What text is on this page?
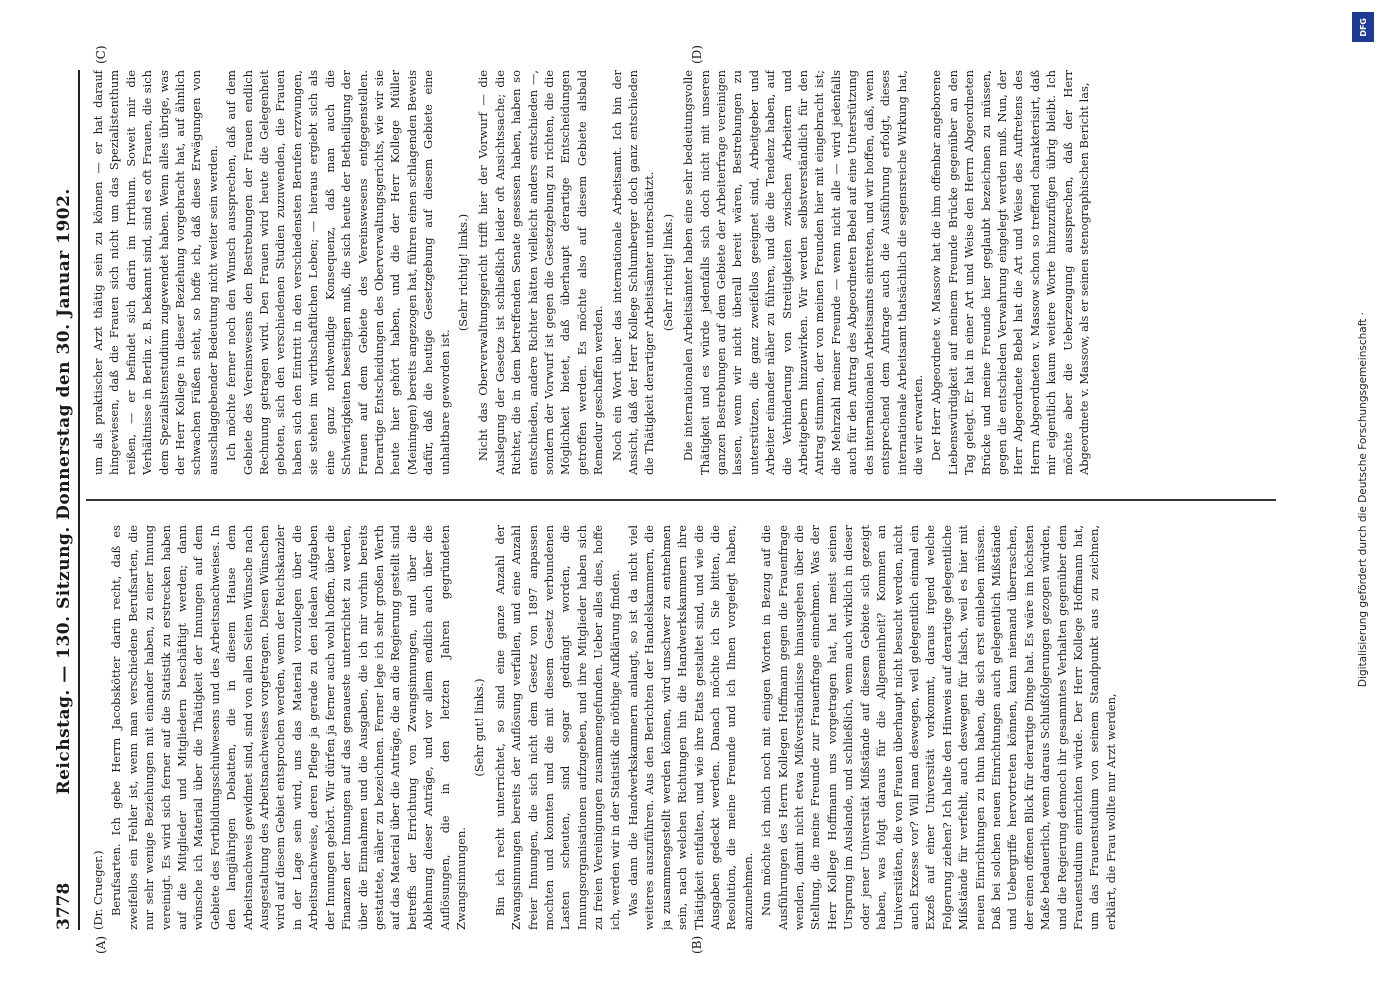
3778
Reichstag. — 130. Sitzung. Donnerstag den 30. Januar 1902.
(A)	(B)
(C)	(D)

(Dr. Crueger.) Berufsarten. Ich gebe Herrn Jacobskötter darin recht, daß es zweifellos ein Fehler ist, wenn man verschiedene Berufsarten, die nur sehr wenige Beziehungen mit einander haben, zu einer Innung vereinigt. Es wird sich ferner auf die Statistik zu erstrecken haben auf die Mitglieder und Mitgliedern beschäftigt werden; dann wünsche ich Material über die Thätigkeit der Innungen auf dem Gebiete des Fortbildungsschulwesens und des Arbeitsnachweises. In den langjährigen Debatten, die in diesem Hause dem Arbeitsnachweis gewidmet sind, sind von allen Seiten Wünsche nach Ausgestaltung des Arbeitsnachweises vorgetragen. Diesen Wünschen wird auf diesem Gebiet entsprochen werden, wenn der Reichskanzler in der Lage sein wird, uns das Material vorzulegen über die Arbeitsnachweise, deren Pflege ja gerade zu den idealen Aufgaben der Innungen gehört. Wir dürfen ja ferner auch wohl hoffen, über die Finanzen der Innungen auf das genaueste unterrichtet zu werden, über die Einnahmen und die Ausgaben, die ich mir vorhin bereits gestattete, näher zu bezeichnen. Ferner lege ich sehr großen Werth auf das Material über die Anträge, die an die Regierung gestellt sind betreffs der Errichtung von Zwangsinnungen, und über die Ablehnung dieser Anträge, und vor allem endlich auch über die Auflösungen, die in den letzten Jahren gegründeten Zwangsinnungen.

(Sehr gut! links.) Bin ich recht unterrichtet, so sind eine ganze Anzahl der Zwangsinnungen bereits der Auflösung verfallen, und eine Anzahl freier Innungen, die sich nicht dem Gesetz von 1897 anpassen mochten und konnten und die mit diesem Gesetz verbundenen Lasten scheuten, sind sogar gedrängt worden, die Innungsorganisationen aufzugeben, und ihre Mitglieder haben sich zu freien Vereinigungen zusammengefunden. Ueber alles dies, hoffe ich, werden wir in der Statistik die nöthige Aufklärung finden. Was dann die Handwerkskammern anlangt, so ist da nicht viel weiteres auszuführen. Aus den Berichten der Handelskammern, die ja zusammengestellt werden können, wird unschwer zu entnehmen sein, nach welchen Richtungen hin die Handwerkskammern ihre Thätigkeit entfalten, und wie ihre Etats gestaltet sind, und wie die Ausgaben gedeckt werden. Danach möchte ich Sie bitten, die Resolution, die meine Freunde und ich Ihnen vorgelegt haben, anzunehmen. Nun möchte ich mich noch mit einigen Worten in Bezug auf die Ausführungen des Herrn Kollegen Hoffmann gegen die Frauenfrage wenden, damit nicht etwa Mißverständnisse hinausgehen über die Stellung, die meine Freunde zur Frauenfrage einnehmen. Was der Herr Kollege Hoffmann uns vorgetragen hat, hat meist seinen Ursprung im Auslande, und schließlich, wenn auch wirklich in dieser oder jener Universität Mißstände auf diesem Gebiete sich gezeigt haben, was folgt daraus für die Allgemeinheit? Kommen an Universitäten, die von Frauen überhaupt nicht besucht werden, nicht auch Exzesse vor? Will man deswegen, weil gelegentlich einmal ein Exzeß auf einer Universität vorkommt, daraus irgend welche Folgerung ziehen? Ich halte den Hinweis auf derartige gelegentliche Mißstände für verfehlt, auch deswegen für falsch, weil es hier mit neuen Einrichtungen zu thun haben, die sich erst einleben müssen. Daß bei solchen neuen Einrichtungen auch gelegentlich Mißstände und Uebergriffe hervortreten können, kann niemand überraschen, der einen offenen Blick für derartige Dinge hat. Es wäre im höchsten Maße bedauerlich, wenn daraus Schlußfolgerungen gezogen würden, und die Regierung dennoch ihr gesammtes Verhalten gegenüber dem Frauenstudium einrichten würde. Der Herr Kollege Hoffmann hat, um das Frauenstudium von seinem Standpunkt aus zu zeichnen, erklärt, die Frau wollte nur Arzt werden,

um als praktischer Arzt thätig sein zu können — er hat darauf hingewiesen, daß die Frauen sich nicht um das Spezialistenthum reißen, — er befindet sich darin im Irrthum. Soweit mir die Verhältnisse in Berlin z. B. bekannt sind, sind es oft Frauen, die sich dem Spezialistenstudium zugewendet haben. Wenn alles übrige, was der Herr Kollege in dieser Beziehung vorgebracht hat, auf ähnlich schwachen Füßen steht, so hoffe ich, daß diese Erwägungen von ausschlaggebender Bedeutung nicht weiter sein werden. Ich möchte ferner noch den Wunsch aussprechen, daß auf dem Gebiete des Vereinswesens den Bestrebungen der Frauen endlich Rechnung getragen wird. Den Frauen wird heute die Gelegenheit geboten, sich den verschiedenen Studien zuzuwenden, die Frauen haben sich den Eintritt in den verschiedensten Berufen erzwungen, sie stehen im wirthschaftlichen Leben; — hieraus ergiebt sich als eine ganz nothwendige Konsequenz, daß man auch die Schwierigkeiten beseitigen muß, die sich heute der Betheiligung der Frauen auf dem Gebiete des Vereinswesens entgegenstellen. Derartige Entscheidungen des Oberverwaltungsgerichts, wie wir sie heute hier gehört haben, und die der Herr Kollege Müller (Meiningen) bereits angezogen hat, führen einen schlagenden Beweis dafür, daß die heutige Gesetzgebung auf diesem Gebiete eine unhaltbare geworden ist.

(Sehr richtig! links.) Nicht das Oberverwaltungsgericht trifft hier der Vorwurf — die Auslegung der Gesetze ist schließlich leider oft Ansichtssache; die Richter, die in dem betreffenden Senate gesessen haben, haben so entschieden, andere Richter hätten vielleicht anders entschieden —, sondern der Vorwurf ist gegen die Gesetzgebung zu richten, die die Möglichkeit bietet, daß überhaupt derartige Entscheidungen getroffen werden. Es möchte also auf diesem Gebiete alsbald Remedur geschaffen werden. Noch ein Wort über das internationale Arbeitsamt. Ich bin der Ansicht, daß der Herr Kollege Schlumberger doch ganz entschieden die Thätigkeit derartiger Arbeitsämter unterschätzt. (Sehr richtig! links.) Die internationalen Arbeitsämter haben eine sehr bedeutungsvolle Thätigkeit und es würde jedenfalls sich doch nicht mit unseren ganzen Bestrebungen auf dem Gebiete der Arbeiterfrage vereinigen lassen, wenn wir nicht überall bereit wären, Bestrebungen zu unterstützen, die ganz zweifellos geeignet sind, Arbeitgeber und Arbeiter einander näher zu führen, und die die Tendenz haben, auf die Verhinderung von Streitigkeiten zwischen Arbeitern und Arbeitgebern hinzuwirken. Wir werden selbstverständlich für den Antrag stimmen, der von meinen Freunden hier mit eingebracht ist; die Mehrzahl meiner Freunde — wenn nicht alle — wird jedenfalls auch für den Antrag des Abgeordneten Bebel auf eine Unterstützung des internationalen Arbeitsamts eintreten, und wir hoffen, daß, wenn entsprechend dem Antrage auch die Ausführung erfolgt, dieses internationale Arbeitsamt thatsächlich die segensreiche Wirkung hat, die wir erwarten. Der Herr Abgeordnete v. Massow hat die ihm offenbar angeborene Liebenswürdigkeit auf meinem Freunde Brücke gegenüber an den Tag gelegt. Er hat in einer Art und Weise den Herrn Abgeordneten Brücke und meine Freunde hier geglaubt bezeichnen zu müssen, gegen die entschieden Verwahrung eingelegt werden muß. Nun, der Herr Abgeordnete Bebel hat die Art und Weise des Auftretens des Herrn Abgeordneten v. Massow schon so treffend charakterisirt, daß mir eigentlich kaum weitere Worte hinzuzufügen übrig bleibt. Ich möchte aber die Ueberzeugung aussprechen, daß der Herr Abgeordnete v. Massow, als er seinen stenographischen Bericht las,

DFG
Digitalisierung gefördert durch die Deutsche Forschungsgemeinschaft ·
